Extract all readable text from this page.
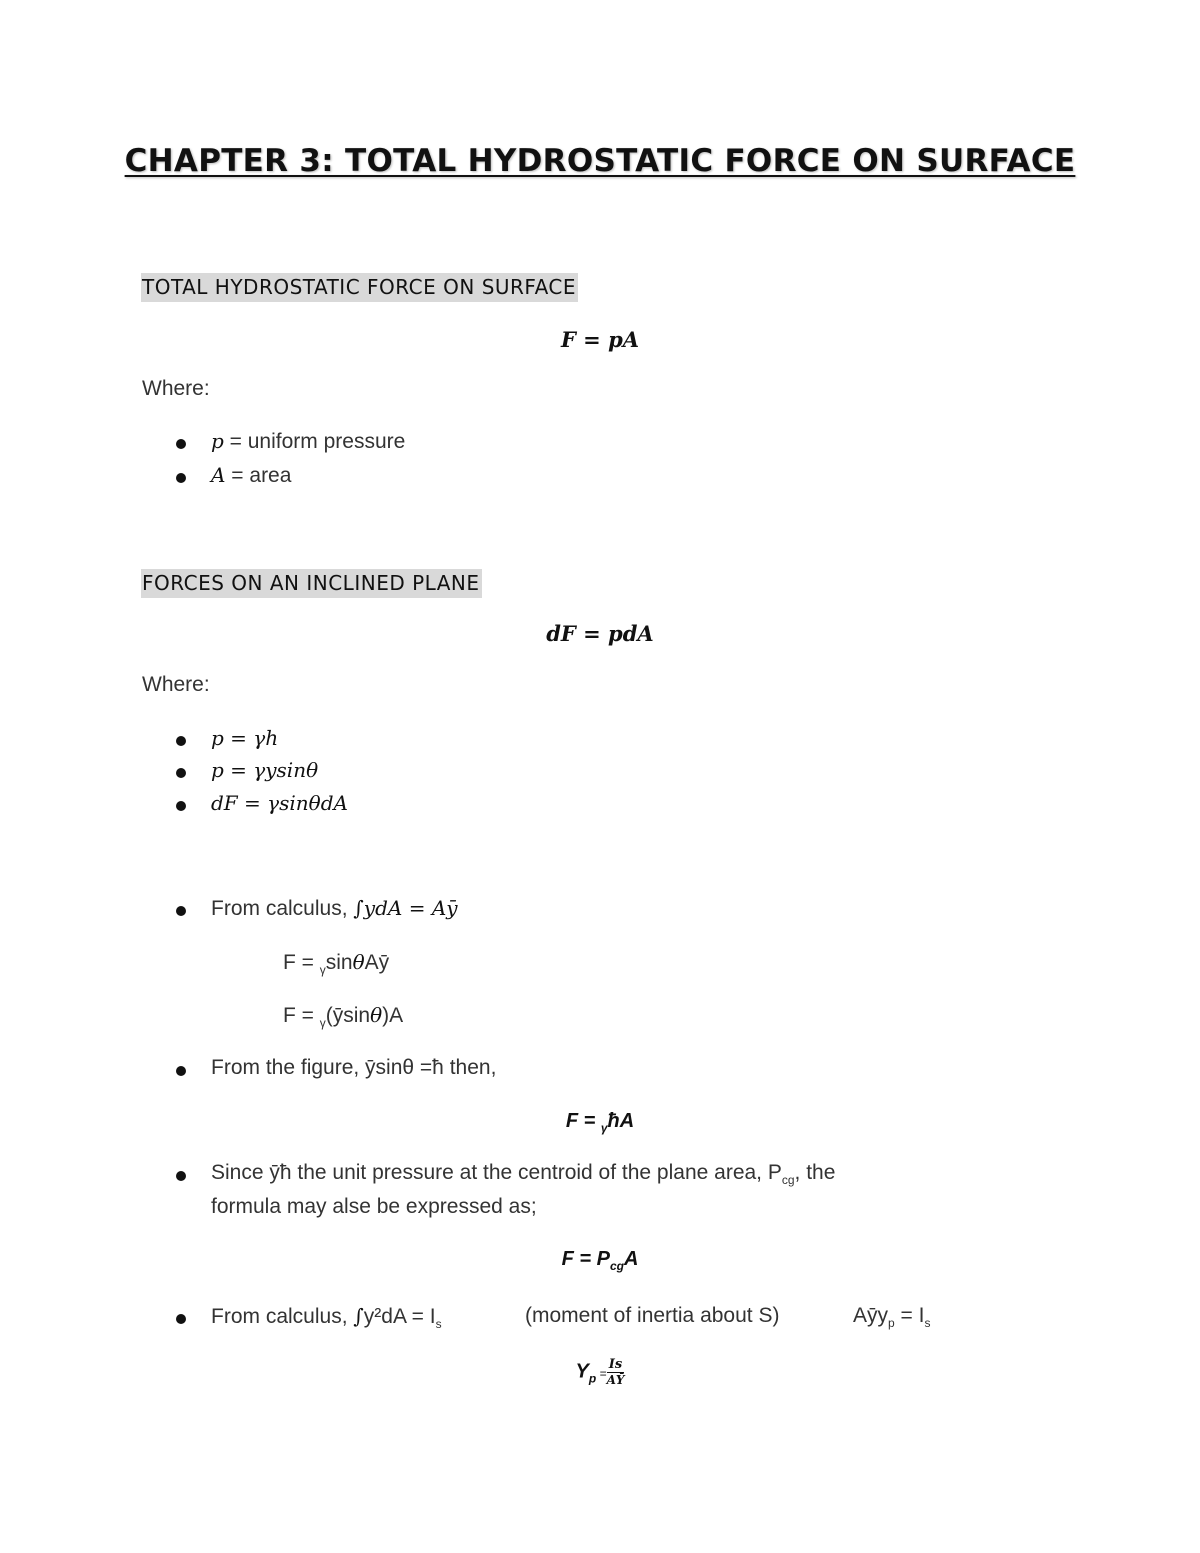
CHAPTER 3: TOTAL HYDROSTATIC FORCE ON SURFACE
TOTAL HYDROSTATIC FORCE ON SURFACE
𝑭 = 𝒑𝑨
Where:
𝑝 = uniform pressure
𝐴 = area
FORCES ON AN INCLINED PLANE
𝒅𝑭 = 𝒑𝒅𝑨
Where:
𝑝 = 𝛾ℎ
𝑝 = 𝛾𝑦𝑠𝑖𝑛𝜃
𝑑𝐹 = 𝛾𝑠𝑖𝑛𝜃𝑑𝐴
From calculus, ∫𝑦𝑑𝐴 = 𝐴𝑦̄
F = $_\gamma$sinθAȳ
F = $_\gamma$(ȳsinθ)A
From the figure, ȳsinθ =ħ then,
F = $_\gamma$ħA
Since ȳħ the unit pressure at the centroid of the plane area, $P_{cg}$, the
formula may alse be expressed as;
$F = P_{cg}A$
From calculus, $\int y^2dA = I_s$	(moment of inertia about S)	Aȳy$_p$ = $I_s$
$Y_p = \frac{Is}{AȲ}$
